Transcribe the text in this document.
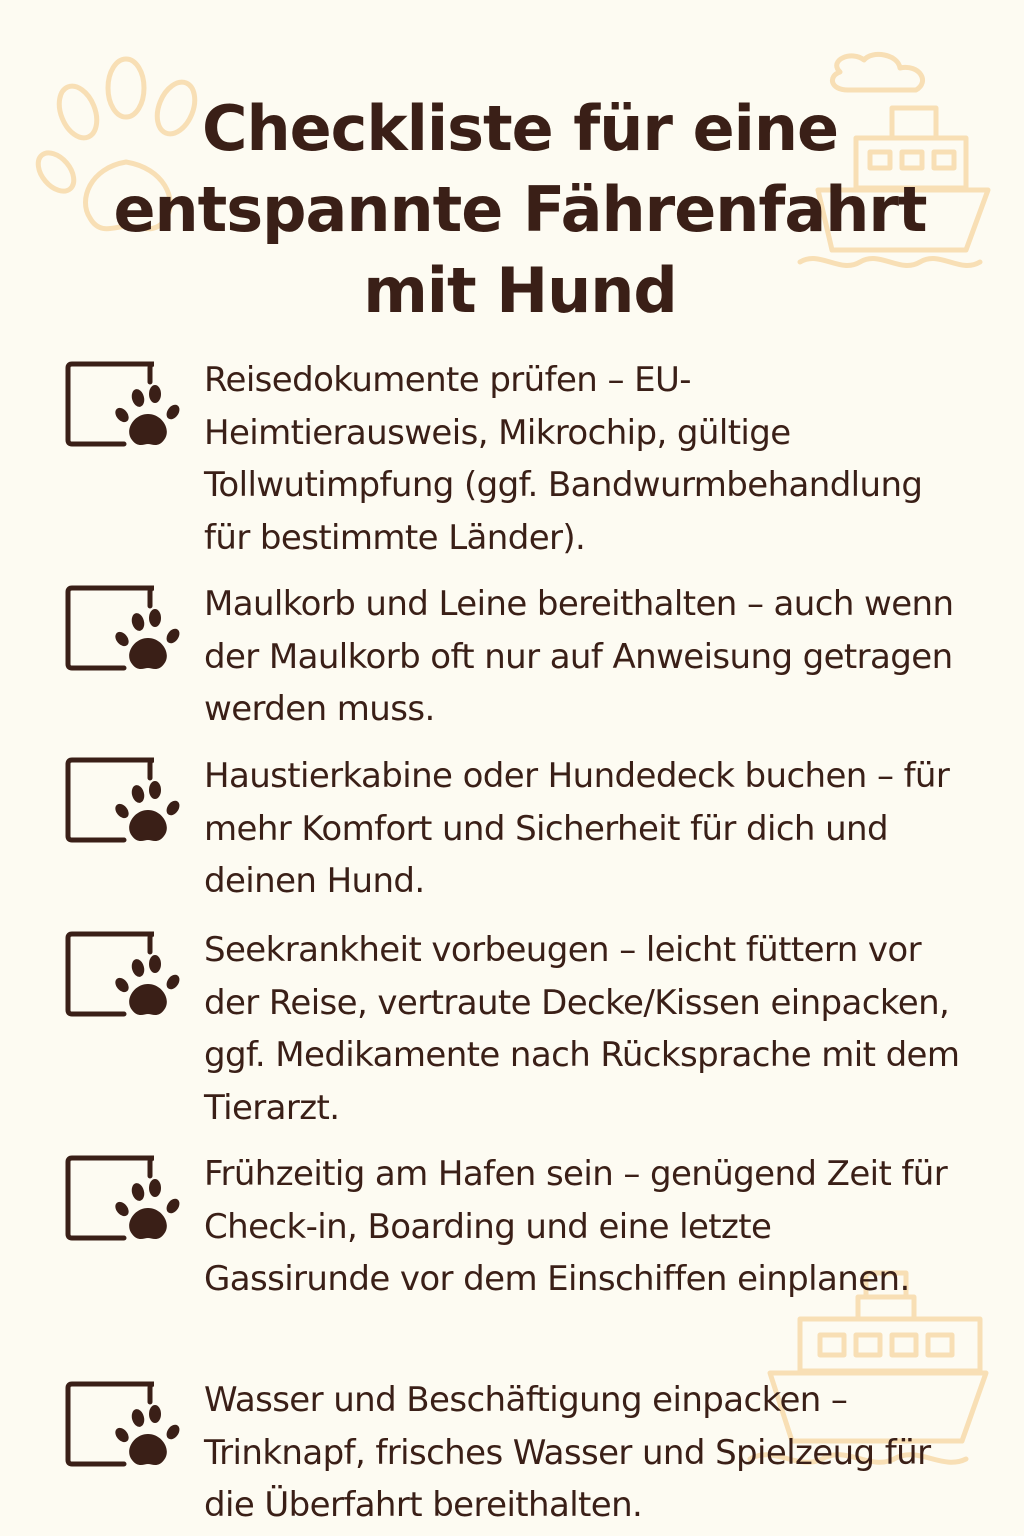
Checkliste für eine entspannte Fährenfahrt mit Hund

Reisedokumente prüfen – EU-Heimtierausweis, Mikrochip, gültige Tollwutimpfung (ggf. Bandwurmbehandlung für bestimmte Länder).

Maulkorb und Leine bereithalten – auch wenn der Maulkorb oft nur auf Anweisung getragen werden muss.

Haustierkabine oder Hundedeck buchen – für mehr Komfort und Sicherheit für dich und deinen Hund.

Seekrankheit vorbeugen – leicht füttern vor der Reise, vertraute Decke/Kissen einpacken, ggf. Medikamente nach Rücksprache mit dem Tierarzt.

Frühzeitig am Hafen sein – genügend Zeit für Check-in, Boarding und eine letzte Gassirunde vor dem Einschiffen einplanen.

Wasser und Beschäftigung einpacken – Trinknapf, frisches Wasser und Spielzeug für die Überfahrt bereithalten.
